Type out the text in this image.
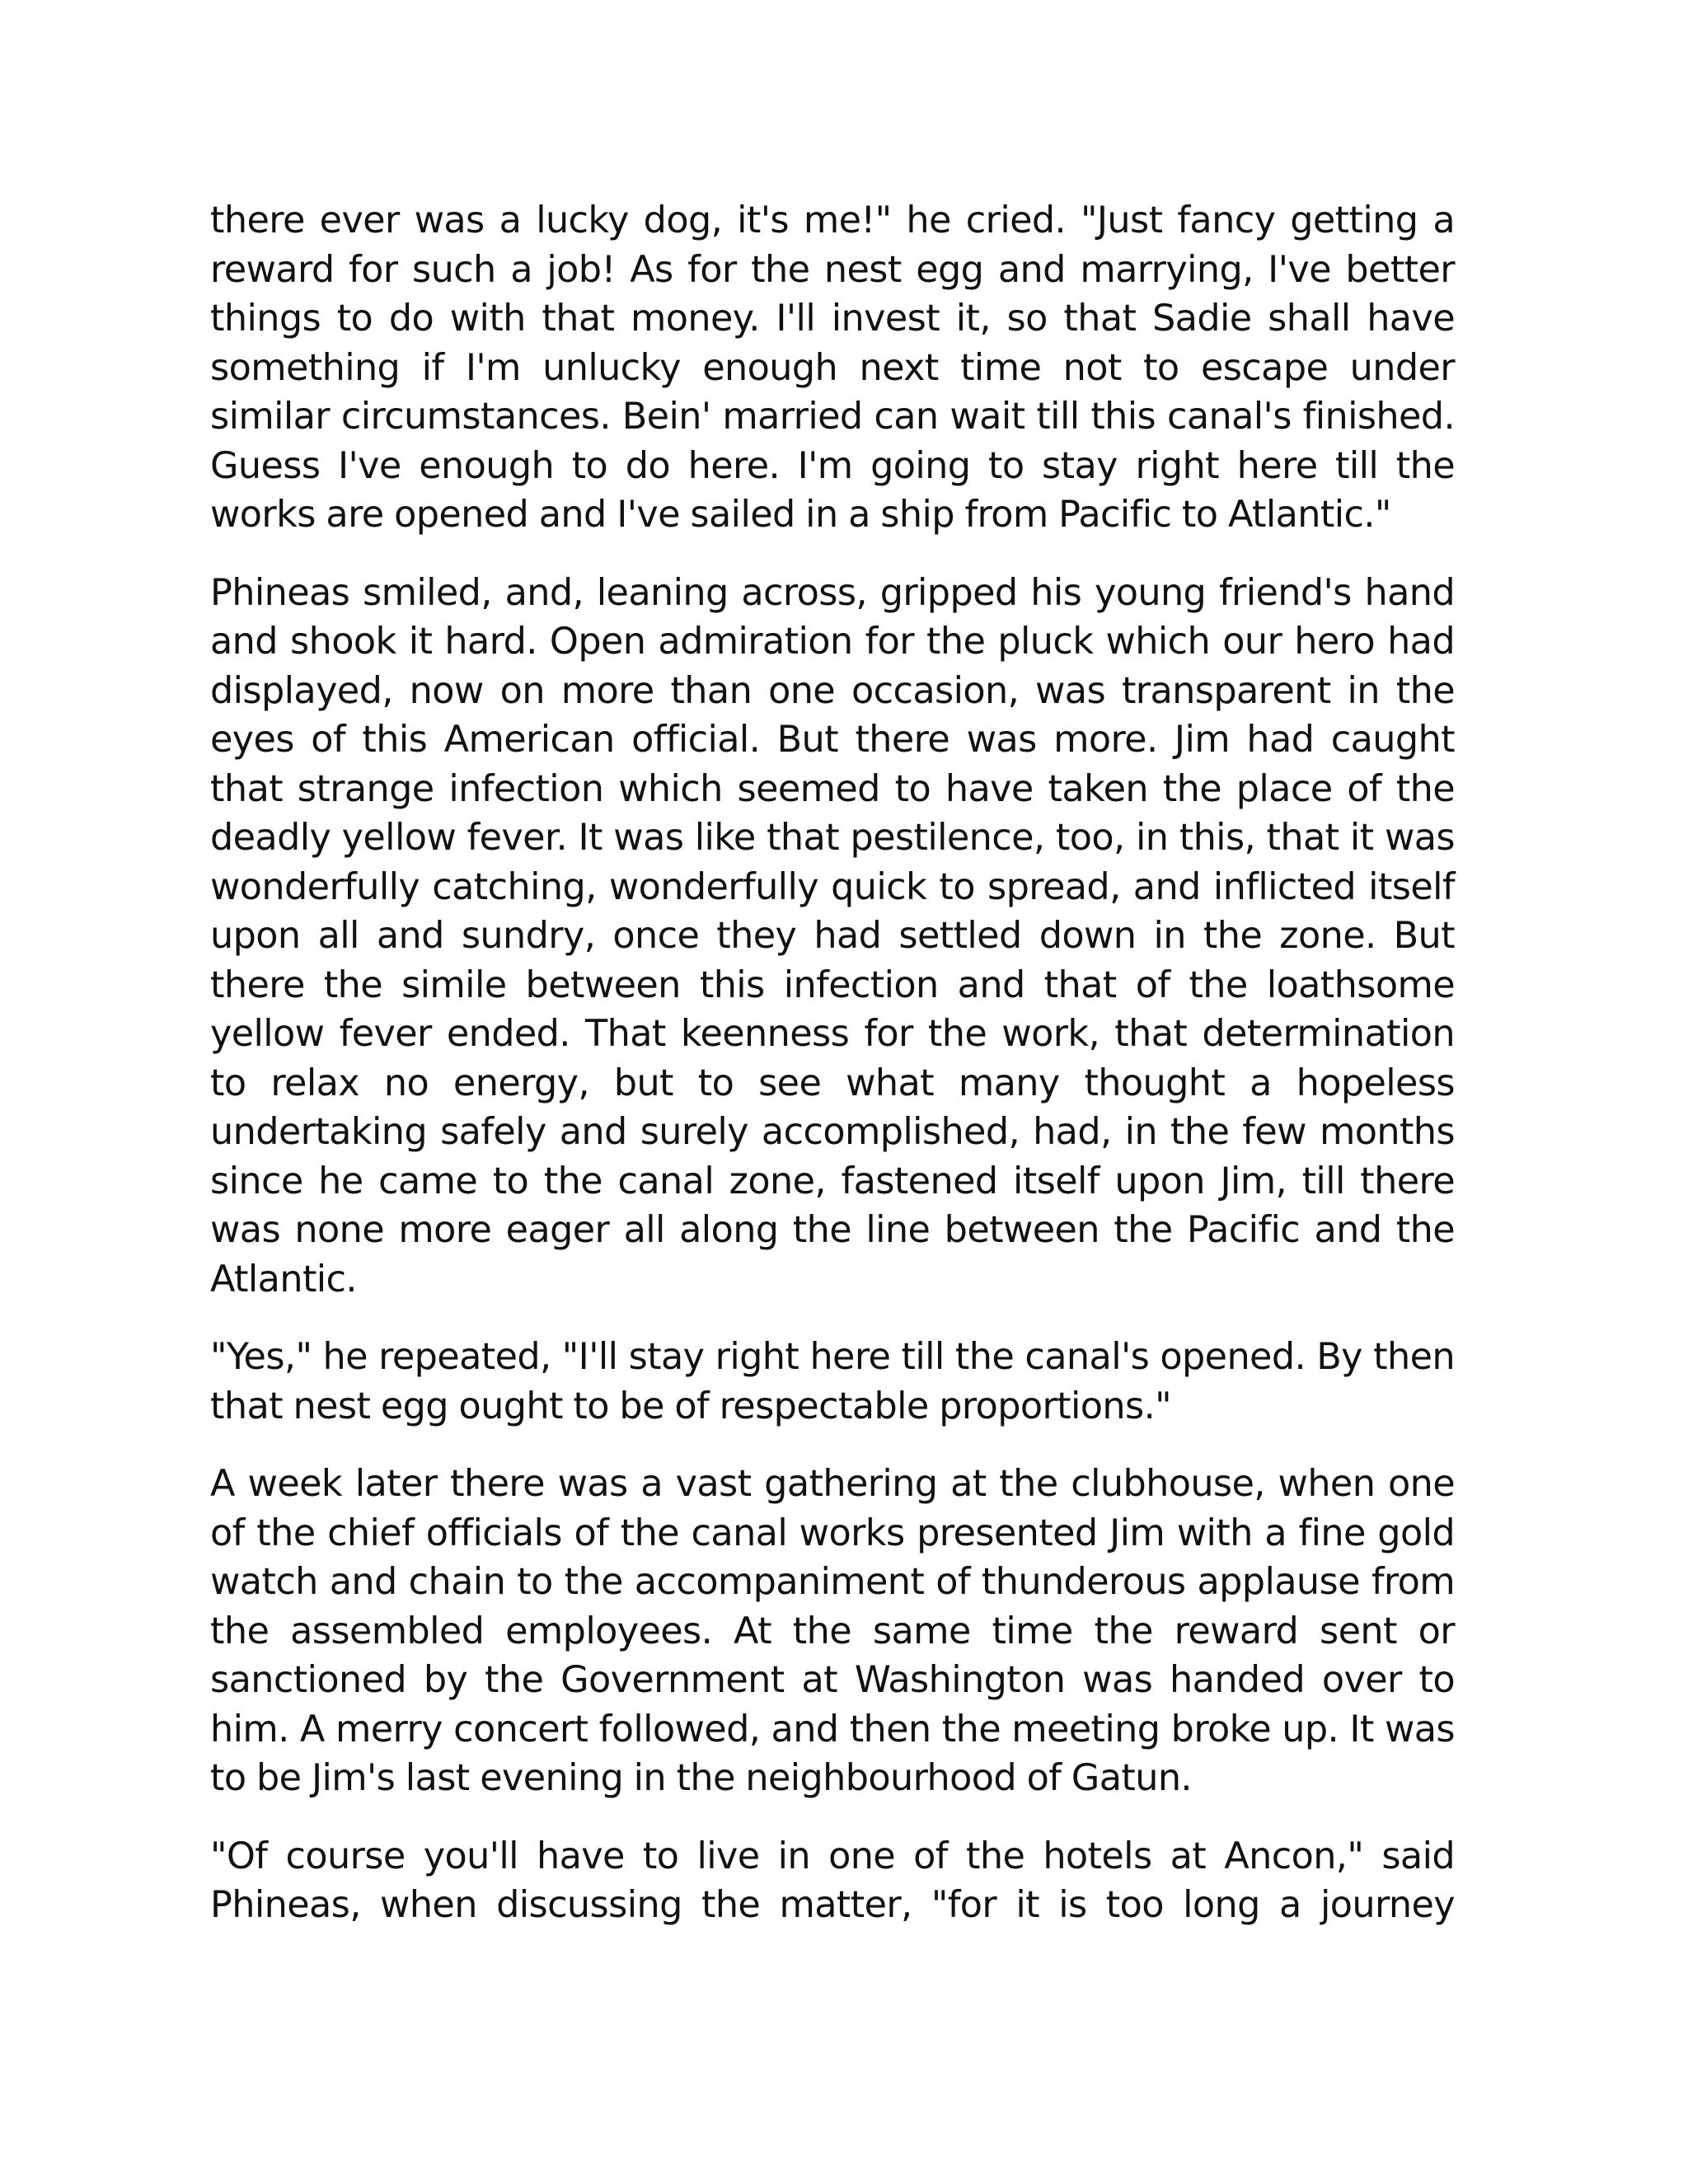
there ever was a lucky dog, it's me!" he cried. "Just fancy getting a reward for such a job! As for the nest egg and marrying, I've better things to do with that money. I'll invest it, so that Sadie shall have something if I'm unlucky enough next time not to escape under similar circumstances. Bein' married can wait till this canal's finished. Guess I've enough to do here. I'm going to stay right here till the works are opened and I've sailed in a ship from Pacific to Atlantic."

Phineas smiled, and, leaning across, gripped his young friend's hand and shook it hard. Open admiration for the pluck which our hero had displayed, now on more than one occasion, was transparent in the eyes of this American official. But there was more. Jim had caught that strange infection which seemed to have taken the place of the deadly yellow fever. It was like that pestilence, too, in this, that it was wonderfully catching, wonderfully quick to spread, and inflicted itself upon all and sundry, once they had settled down in the zone. But there the simile between this infection and that of the loathsome yellow fever ended. That keenness for the work, that determination to relax no energy, but to see what many thought a hopeless undertaking safely and surely accomplished, had, in the few months since he came to the canal zone, fastened itself upon Jim, till there was none more eager all along the line between the Pacific and the Atlantic.

"Yes," he repeated, "I'll stay right here till the canal's opened. By then that nest egg ought to be of respectable proportions."

A week later there was a vast gathering at the clubhouse, when one of the chief officials of the canal works presented Jim with a fine gold watch and chain to the accompaniment of thunderous applause from the assembled employees. At the same time the reward sent or sanctioned by the Government at Washington was handed over to him. A merry concert followed, and then the meeting broke up. It was to be Jim's last evening in the neighbourhood of Gatun.

"Of course you'll have to live in one of the hotels at Ancon," said Phineas, when discussing the matter, "for it is too long a journey
